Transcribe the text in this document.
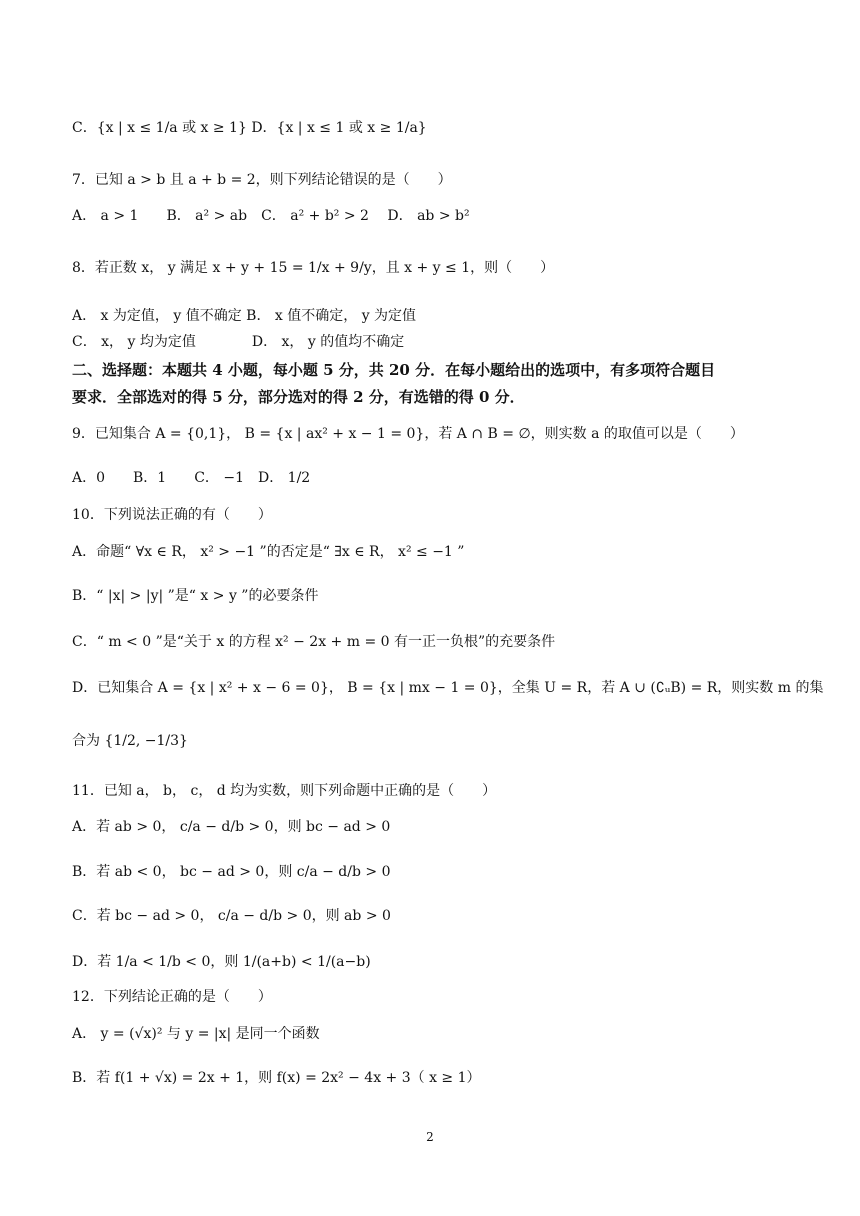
C．{x | x ≤ 1/a 或 x ≥ 1} D．{x | x ≤ 1 或 x ≥ 1/a}
7．已知 a > b 且 a + b = 2，则下列结论错误的是（　　）
A． a > 1　　B． a² > ab　C． a² + b² > 2　 D． ab > b²
8．若正数 x， y 满足 x + y + 15 = 1/x + 9/y，且 x + y ≤ 1，则（　　）
A． x 为定值， y 值不确定 B． x 值不确定， y 为定值
C． x， y 均为定值　　　　D． x， y 的值均不确定
二、选择题：本题共 4 小题，每小题 5 分，共 20 分．在每小题给出的选项中，有多项符合题目
要求．全部选对的得 5 分，部分选对的得 2 分，有选错的得 0 分．
9．已知集合 A = {0,1}， B = {x | ax² + x − 1 = 0}，若 A ∩ B = ∅，则实数 a 的取值可以是（　　）
A．0　　B．1　　C． −1　D． 1/2
10．下列说法正确的有（　　）
A．命题“ ∀x ∈ R， x² > −1 ”的否定是“ ∃x ∈ R， x² ≤ −1 ”
B．“ |x| > |y| ”是“ x > y ”的必要条件
C．“ m < 0 ”是“关于 x 的方程 x² − 2x + m = 0 有一正一负根”的充要条件
D．已知集合 A = {x | x² + x − 6 = 0}， B = {x | mx − 1 = 0}，全集 U = R，若 A ∪ (∁ᵤB) = R，则实数 m 的集
合为 {1/2, −1/3}
11．已知 a， b， c， d 均为实数，则下列命题中正确的是（　　）
A．若 ab > 0， c/a − d/b > 0，则 bc − ad > 0
B．若 ab < 0， bc − ad > 0，则 c/a − d/b > 0
C．若 bc − ad > 0， c/a − d/b > 0，则 ab > 0
D．若 1/a < 1/b < 0，则 1/(a+b) < 1/(a−b)
12．下列结论正确的是（　　）
A． y = (√x)² 与 y = |x| 是同一个函数
B．若 f(1 + √x) = 2x + 1，则 f(x) = 2x² − 4x + 3（ x ≥ 1）
2
